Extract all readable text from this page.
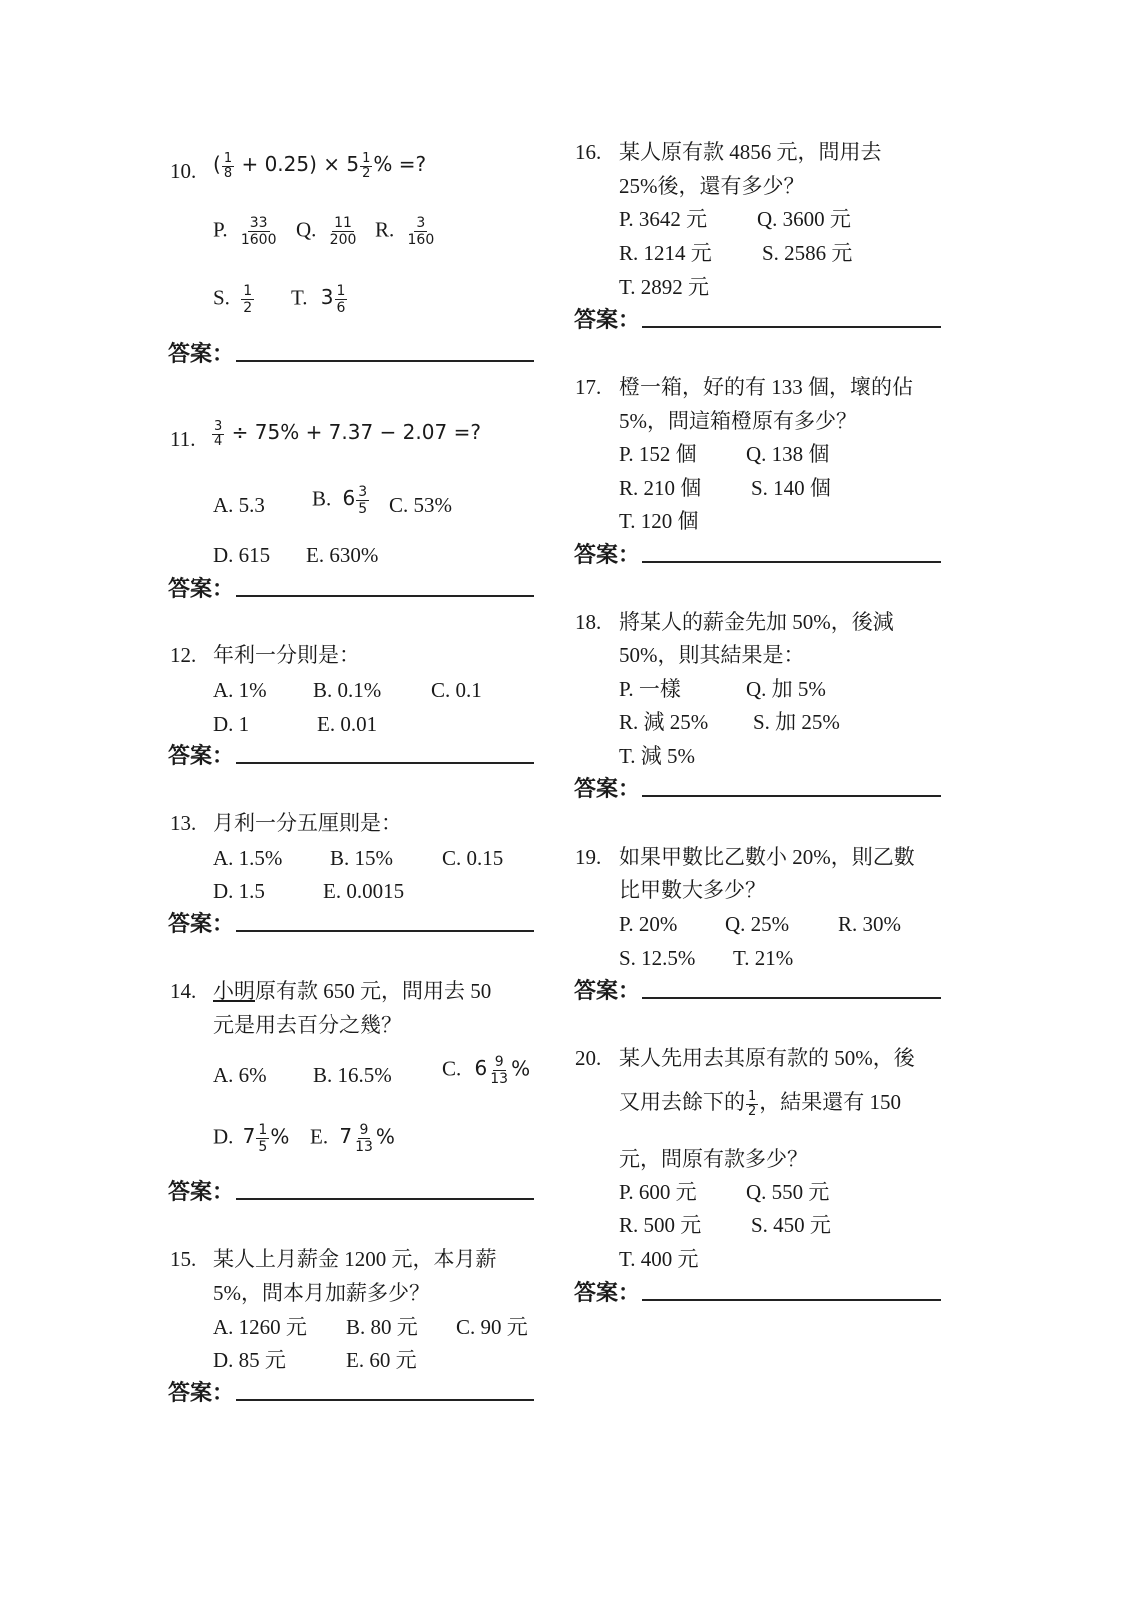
10. ( $\frac{1}{8} + 0.25) \times 5 \frac{1}{2}$ % =?
P. $\frac{33}{1600} Q$. $\frac{11}{200} R$. $\frac{3}{160}$
S. $\frac{1}{2} T$. $3 \frac{1}{6}$
答案：
11. $\frac{3}{4} \div 75\% + 7.37 - 2.07$ =?
A. 5.3 B. $6 \frac{3}{5} C$. 53%
D. 615 E. 630%
答案：
12. 年利一分則是：
A. 1% B. 0.1% C. 0.1
D. 1	E. 0.01
答案：
13. 月利一分五厘則是：
A. 1.5% B. 15% C. 0.15
D. 1.5	E. 0.0015
答案：
14. 小明原有款 650 元，問用去 50
元是用去百分之幾？
A. 6% B. 16.5% C. $6 \frac{9}{13}$ %
D. $7 \frac{1}{5}$ % E. $7 \frac{9}{13}$ %
答案：
15. 某人上月薪金 1200 元，本月薪
5%，問本月加薪多少？
A. 1260 元 B. 80 元 C. 90 元
D. 85 元	E. 60 元
答案：
16. 某人原有款 4856 元，問用去
25%後，還有多少？
P. 3642 元 Q. 3600 元
R. 1214 元 S. 2586 元
T. 2892 元
答案：
17. 橙一箱，好的有 133 個，壞的佔
5%，問這箱橙原有多少？
P. 152 個 Q. 138 個
R. 210 個 S. 140 個
T. 120 個
答案：
18. 將某人的薪金先加 50%，後減
50%，則其結果是：
P. 一樣	Q. 加 5%
R. 減 25% S. 加 25%
T. 減 5%
答案：
19. 如果甲數比乙數小 20%，則乙數
比甲數大多少？
P. 20% Q. 25% R. 30%
S. 12.5% T. 21%
答案：
20. 某人先用去其原有款的 50%，後
又用去餘下的 $\frac{1}{2}$ ，結果還有 150
元，問原有款多少？
P. 600 元 Q. 550 元
R. 500 元 S. 450 元
T. 400 元
答案：
